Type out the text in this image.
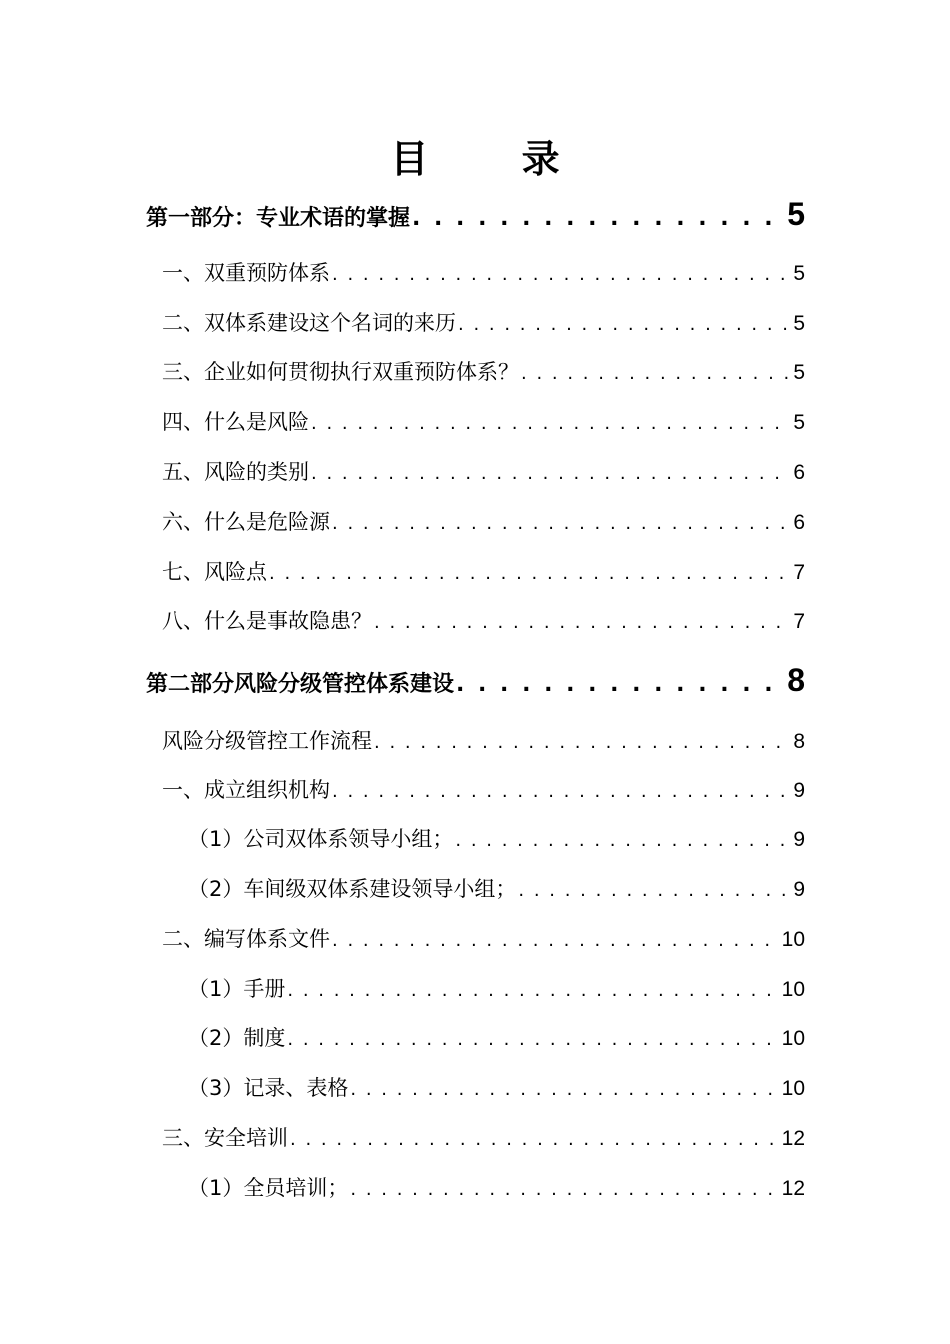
目 录
第一部分：专业术语的掌握 . . .	5
一、双重预防体系 . . .	5
二、双体系建设这个名词的来历 . . .	5
三、企业如何贯彻执行双重预防体系？ . . .	5
四、什么是风险 . . .	5
五、风险的类别 . . .	6
六、什么是危险源 . . .	6
七、风险点 . . .	7
八、什么是事故隐患？ . . .	7
第二部分风险分级管控体系建设 . . .	8
风险分级管控工作流程 . . .	8
一、成立组织机构 . . .	9
（1）公司双体系领导小组； . . .	9
（2）车间级双体系建设领导小组； . . .	9
二、编写体系文件 . . .	10
（1）手册 . . .	10
（2）制度 . . .	10
（3）记录、表格 . . .	10
三、安全培训 . . .	12
（1）全员培训； . . .	12
